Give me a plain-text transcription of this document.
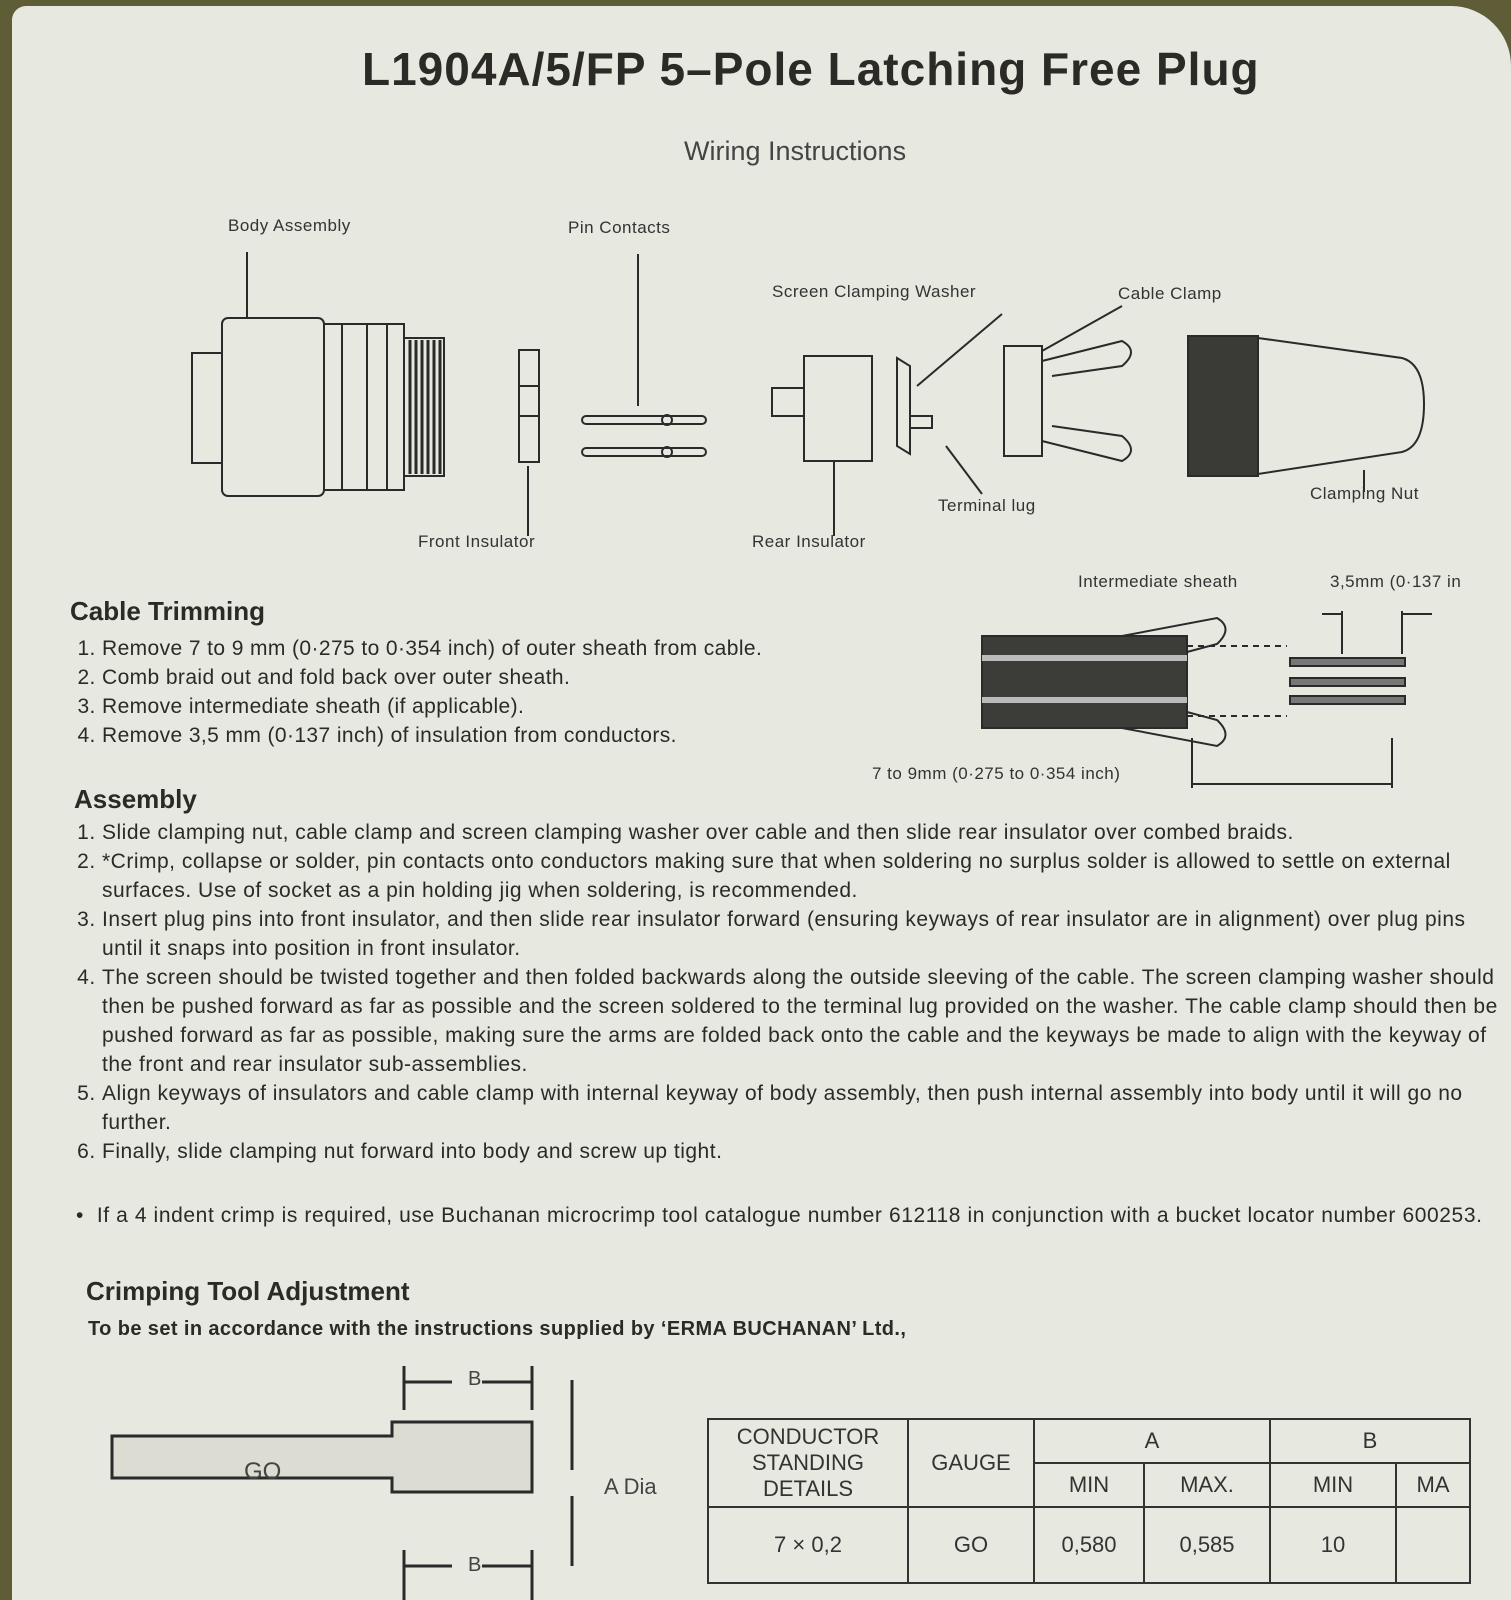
L1904A/5/FP 5–Pole Latching Free Plug
Wiring Instructions
Body Assembly	Pin Contacts
Screen Clamping Washer	Cable Clamp
Front Insulator	Rear Insulator
Terminal lug
Clamping Nut
Intermediate sheath	3,5mm (0·137 in
7 to 9mm (0·275 to 0·354 inch)
Cable Trimming
1. Remove 7 to 9 mm (0·275 to 0·354 inch) of outer sheath from cable.
2. Comb braid out and fold back over outer sheath.
3. Remove intermediate sheath (if applicable).
4. Remove 3,5 mm (0·137 inch) of insulation from conductors.
Assembly
1. Slide clamping nut, cable clamp and screen clamping washer over cable and then slide rear insulator over combed braids.
2. *Crimp, collapse or solder, pin contacts onto conductors making sure that when soldering no surplus solder is allowed to settle on external surfaces. Use of socket as a pin holding jig when soldering, is recommended.
3. Insert plug pins into front insulator, and then slide rear insulator forward (ensuring keyways of rear insulator are in alignment) over plug pins until it snaps into position in front insulator.
4. The screen should be twisted together and then folded backwards along the outside sleeving of the cable. The screen clamping washer should then be pushed forward as far as possible and the screen soldered to the terminal lug provided on the washer. The cable clamp should then be pushed forward as far as possible, making sure the arms are folded back onto the cable and the keyways be made to align with the keyway of the front and rear insulator sub-assemblies.
5. Align keyways of insulators and cable clamp with internal keyway of body assembly, then push internal assembly into body until it will go no further.
6. Finally, slide clamping nut forward into body and screw up tight.
•  If a 4 indent crimp is required, use Buchanan microcrimp tool catalogue number 612118 in conjunction with a bucket locator number 600253.
Crimping Tool Adjustment
To be set in accordance with the instructions supplied by ‘ERMA BUCHANAN’ Ltd.,
GO
B
B
A Dia
CONDUCTOR STANDING DETAILS	GAUGE	A		B	
		MIN	MAX.	MIN	MA
7 × 0,2	GO	0,580	0,585	10	
